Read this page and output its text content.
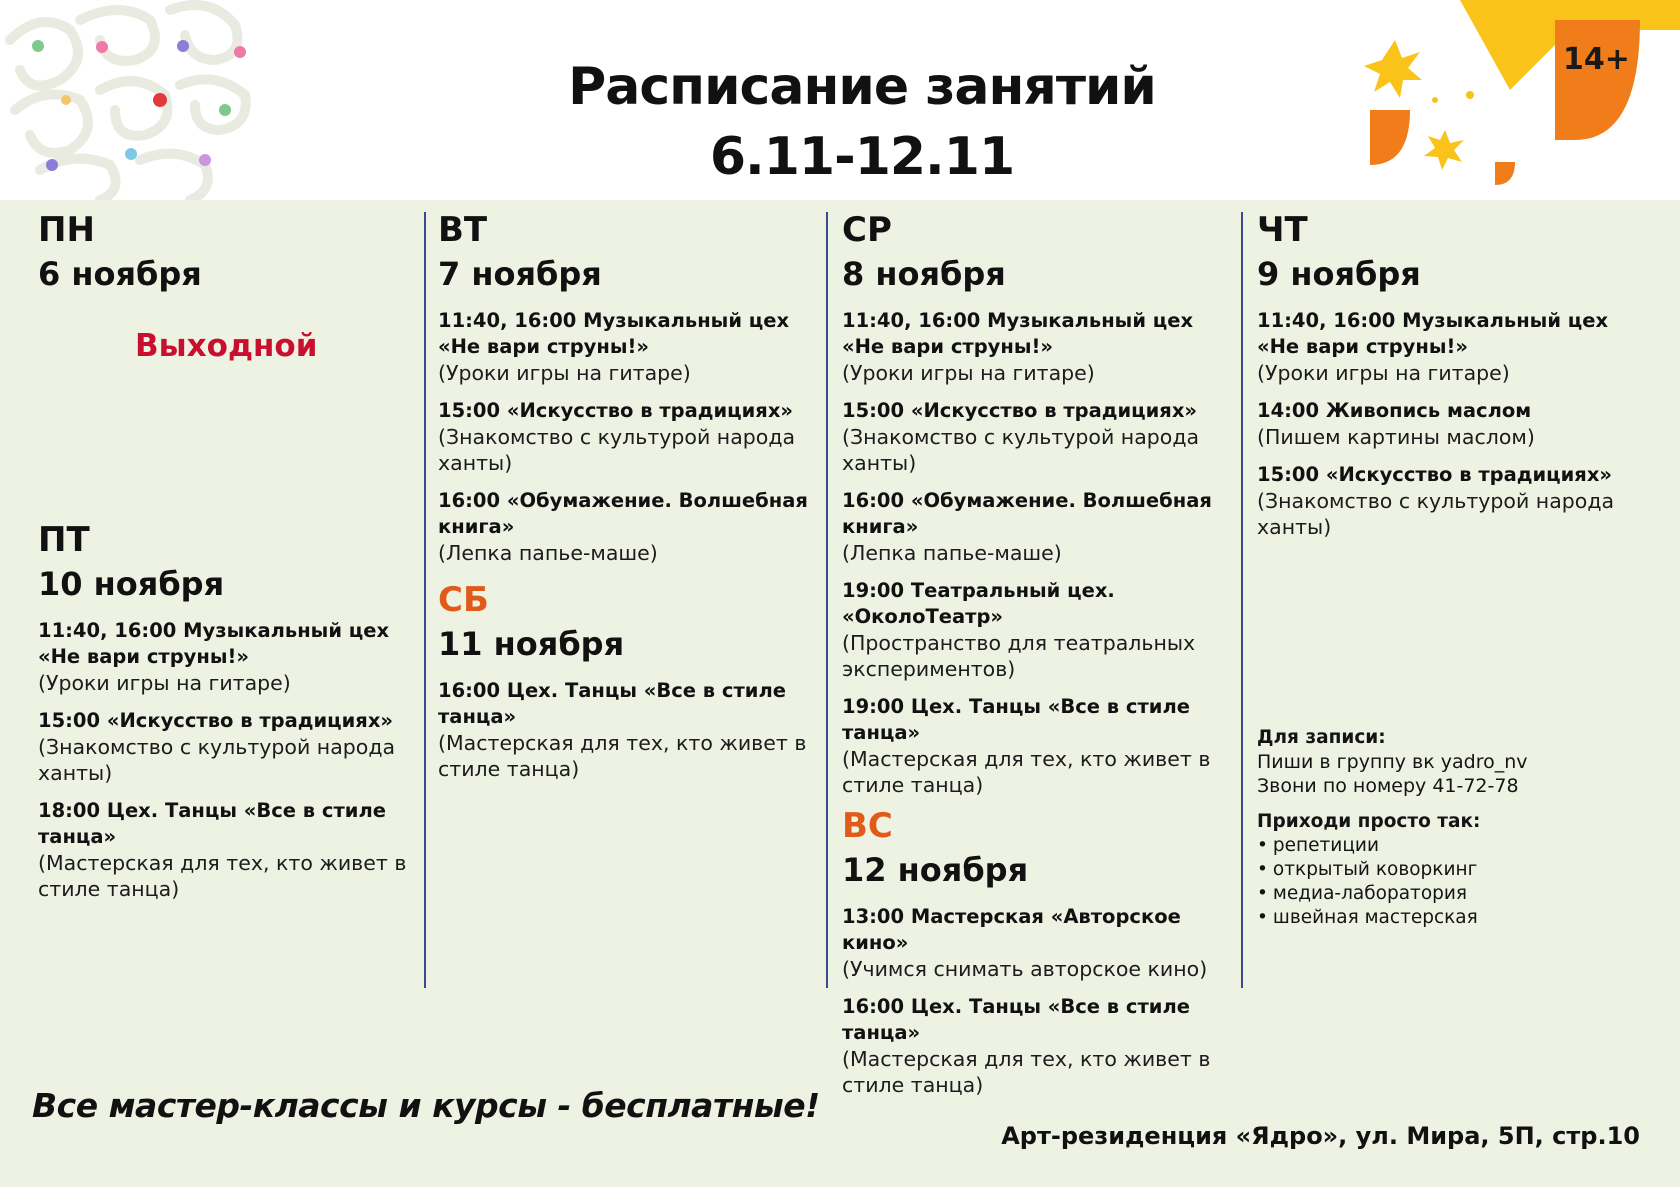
14+
Расписание занятий
6.11-12.11
ПН
6 ноября
Выходной
ПТ
10 ноября
11:40, 16:00 Музыкальный цех «Не вари струны!»
(Уроки игры на гитаре)
15:00 «Искусство в традициях»
(Знакомство с культурой народа ханты)
18:00 Цех. Танцы «Все в стиле танца»
(Мастерская для тех, кто живет в стиле танца)
ВТ
7 ноября
11:40, 16:00 Музыкальный цех «Не вари струны!»
(Уроки игры на гитаре)
15:00 «Искусство в традициях»
(Знакомство с культурой народа ханты)
16:00 «Обумажение. Волшебная книга»
(Лепка папье-маше)
СБ
11 ноября
16:00 Цех. Танцы «Все в стиле танца»
(Мастерская для тех, кто живет в стиле танца)
СР
8 ноября
11:40, 16:00 Музыкальный цех «Не вари струны!»
(Уроки игры на гитаре)
15:00 «Искусство в традициях»
(Знакомство с культурой народа ханты)
16:00 «Обумажение. Волшебная книга»
(Лепка папье-маше)
19:00 Театральный цех. «ОколоТеатр»
(Пространство для театральных экспериментов)
19:00 Цех. Танцы «Все в стиле танца»
(Мастерская для тех, кто живет в стиле танца)
ВС
12 ноября
13:00 Мастерская «Авторское кино»
(Учимся снимать авторское кино)
16:00 Цех. Танцы «Все в стиле танца»
(Мастерская для тех, кто живет в стиле танца)
ЧТ
9 ноября
11:40, 16:00 Музыкальный цех «Не вари струны!»
(Уроки игры на гитаре)
14:00 Живопись маслом
(Пишем картины маслом)
15:00 «Искусство в традициях»
(Знакомство с культурой народа ханты)
Для записи:
Пиши в группу вк yadro_nv
Звони по номеру 41-72-78
Приходи просто так:
• репетиции
• открытый коворкинг
• медиа-лаборатория
• швейная мастерская
Все мастер-классы и курсы - бесплатные!
Арт-резиденция «Ядро», ул. Мира, 5П, стр.10
